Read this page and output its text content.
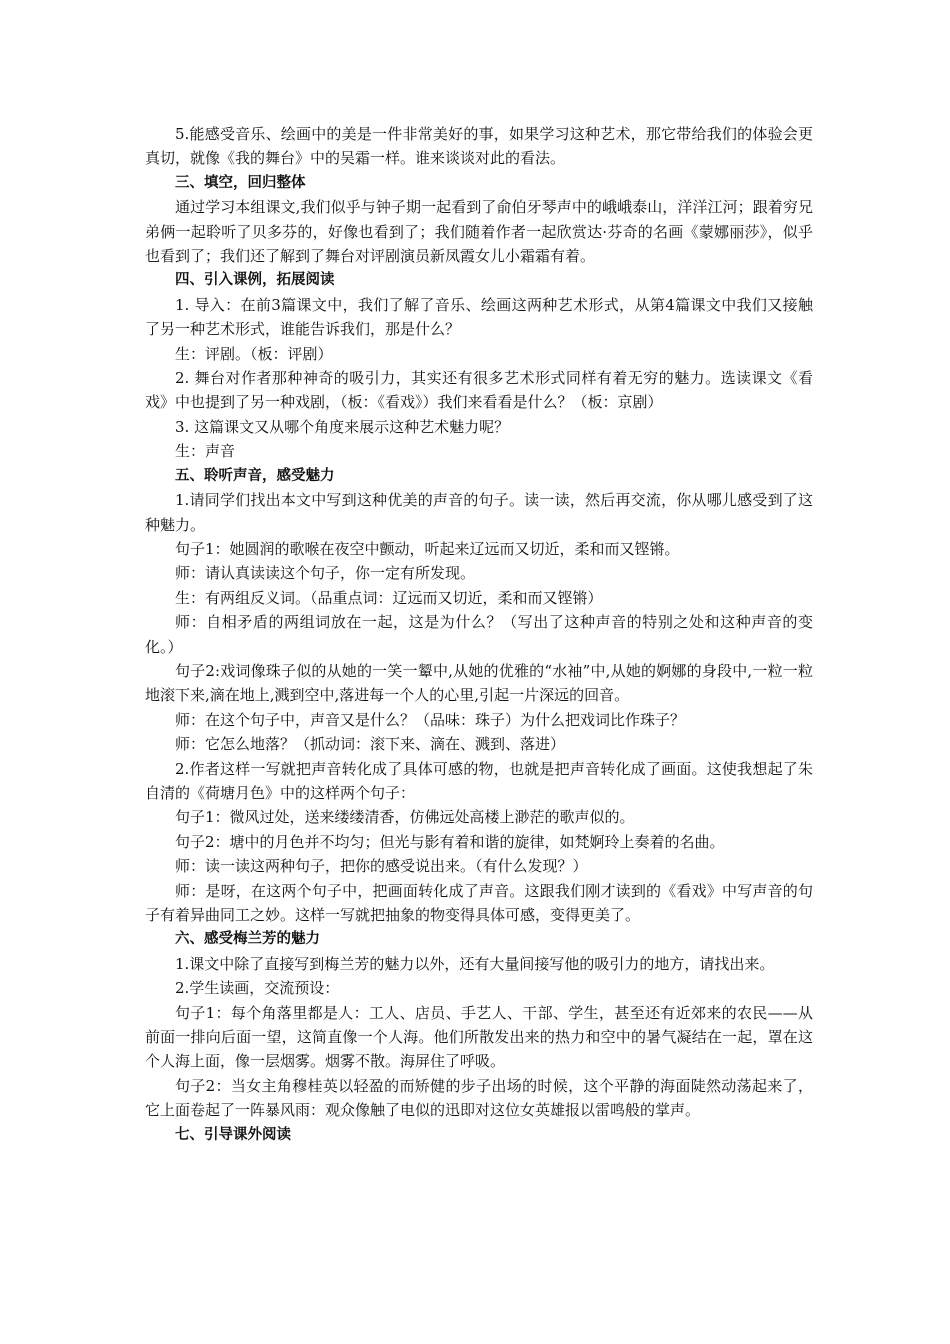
5.能感受音乐、绘画中的美是一件非常美好的事，如果学习这种艺术，那它带给我们的体验会更真切，就像《我的舞台》中的吴霜一样。谁来谈谈对此的看法。

三、填空，回归整体

通过学习本组课文,我们似乎与钟子期一起看到了俞伯牙琴声中的峨峨泰山，洋洋江河；跟着穷兄弟俩一起聆听了贝多芬的，好像也看到了；我们随着作者一起欣赏达·芬奇的名画《蒙娜丽莎》，似乎也看到了；我们还了解到了舞台对评剧演员新凤霞女儿小霜霜有着。

四、引入课例，拓展阅读

1. 导入：在前3篇课文中，我们了解了音乐、绘画这两种艺术形式，从第4篇课文中我们又接触了另一种艺术形式，谁能告诉我们，那是什么？

生：评剧。（板：评剧）

2. 舞台对作者那种神奇的吸引力，其实还有很多艺术形式同样有着无穷的魅力。选读课文《看戏》中也提到了另一种戏剧，（板：《看戏》）我们来看看是什么？（板：京剧）

3. 这篇课文又从哪个角度来展示这种艺术魅力呢？

生：声音

五、聆听声音，感受魅力

1.请同学们找出本文中写到这种优美的声音的句子。读一读，然后再交流，你从哪儿感受到了这种魅力。

句子1：她圆润的歌喉在夜空中颤动，听起来辽远而又切近，柔和而又铿锵。

师：请认真读读这个句子，你一定有所发现。

生：有两组反义词。（品重点词：辽远而又切近，柔和而又铿锵）

师：自相矛盾的两组词放在一起，这是为什么？（写出了这种声音的特别之处和这种声音的变化。）

句子2:戏词像珠子似的从她的一笑一颦中,从她的优雅的“水袖”中,从她的婀娜的身段中,一粒一粒地滚下来,滴在地上,溅到空中,落进每一个人的心里,引起一片深远的回音。

师：在这个句子中，声音又是什么？（品味：珠子）为什么把戏词比作珠子？

师：它怎么地落？（抓动词：滚下来、滴在、溅到、落进）

2.作者这样一写就把声音转化成了具体可感的物，也就是把声音转化成了画面。这使我想起了朱自清的《荷塘月色》中的这样两个句子：

句子1：微风过处，送来缕缕清香，仿佛远处高楼上渺茫的歌声似的。

句子2：塘中的月色并不均匀；但光与影有着和谐的旋律，如梵婀玲上奏着的名曲。

师：读一读这两种句子，把你的感受说出来。（有什么发现？）

师：是呀，在这两个句子中，把画面转化成了声音。这跟我们刚才读到的《看戏》中写声音的句子有着异曲同工之妙。这样一写就把抽象的物变得具体可感，变得更美了。

六、感受梅兰芳的魅力

1.课文中除了直接写到梅兰芳的魅力以外，还有大量间接写他的吸引力的地方，请找出来。

2.学生读画，交流预设：

句子1：每个角落里都是人：工人、店员、手艺人、干部、学生，甚至还有近郊来的农民——从前面一排向后面一望，这简直像一个人海。他们所散发出来的热力和空中的暑气凝结在一起，罩在这个人海上面，像一层烟雾。烟雾不散。海屏住了呼吸。

句子2：当女主角穆桂英以轻盈的而矫健的步子出场的时候，这个平静的海面陡然动荡起来了，它上面卷起了一阵暴风雨：观众像触了电似的迅即对这位女英雄报以雷鸣般的掌声。

七、引导课外阅读
